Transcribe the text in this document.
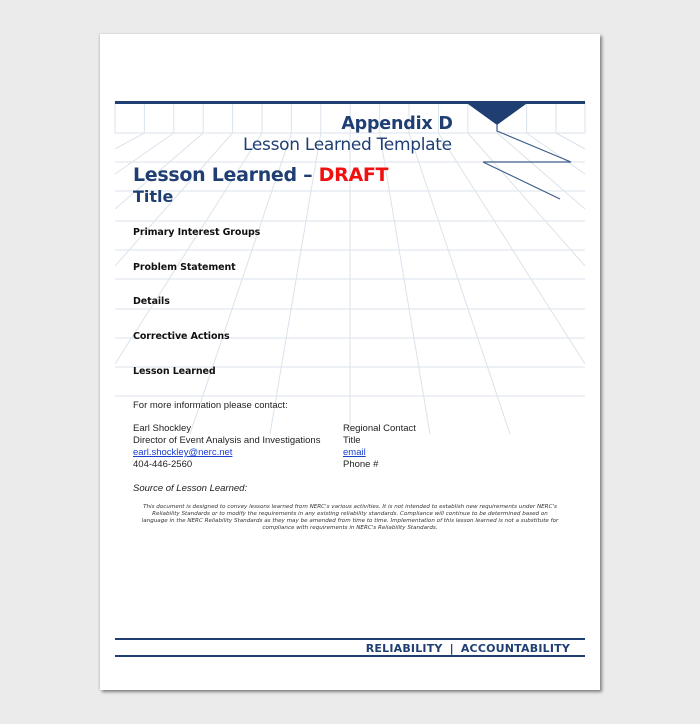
Appendix D
Lesson Learned Template
Lesson Learned – DRAFT
Title
Primary Interest Groups
Problem Statement
Details
Corrective Actions
Lesson Learned
For more information please contact:
Earl Shockley
Director of Event Analysis and Investigations
earl.shockley@nerc.net
404-446-2560
Regional Contact
Title
email
Phone #
Source of Lesson Learned:
This document is designed to convey lessons learned from NERC's various activities. It is not intended to establish new requirements under NERC's Reliability Standards or to modify the requirements in any existing reliability standards. Compliance will continue to be determined based on language in the NERC Reliability Standards as they may be amended from time to time. Implementation of this lesson learned is not a substitute for compliance with requirements in NERC's Reliability Standards.
RELIABILITY | ACCOUNTABILITY
